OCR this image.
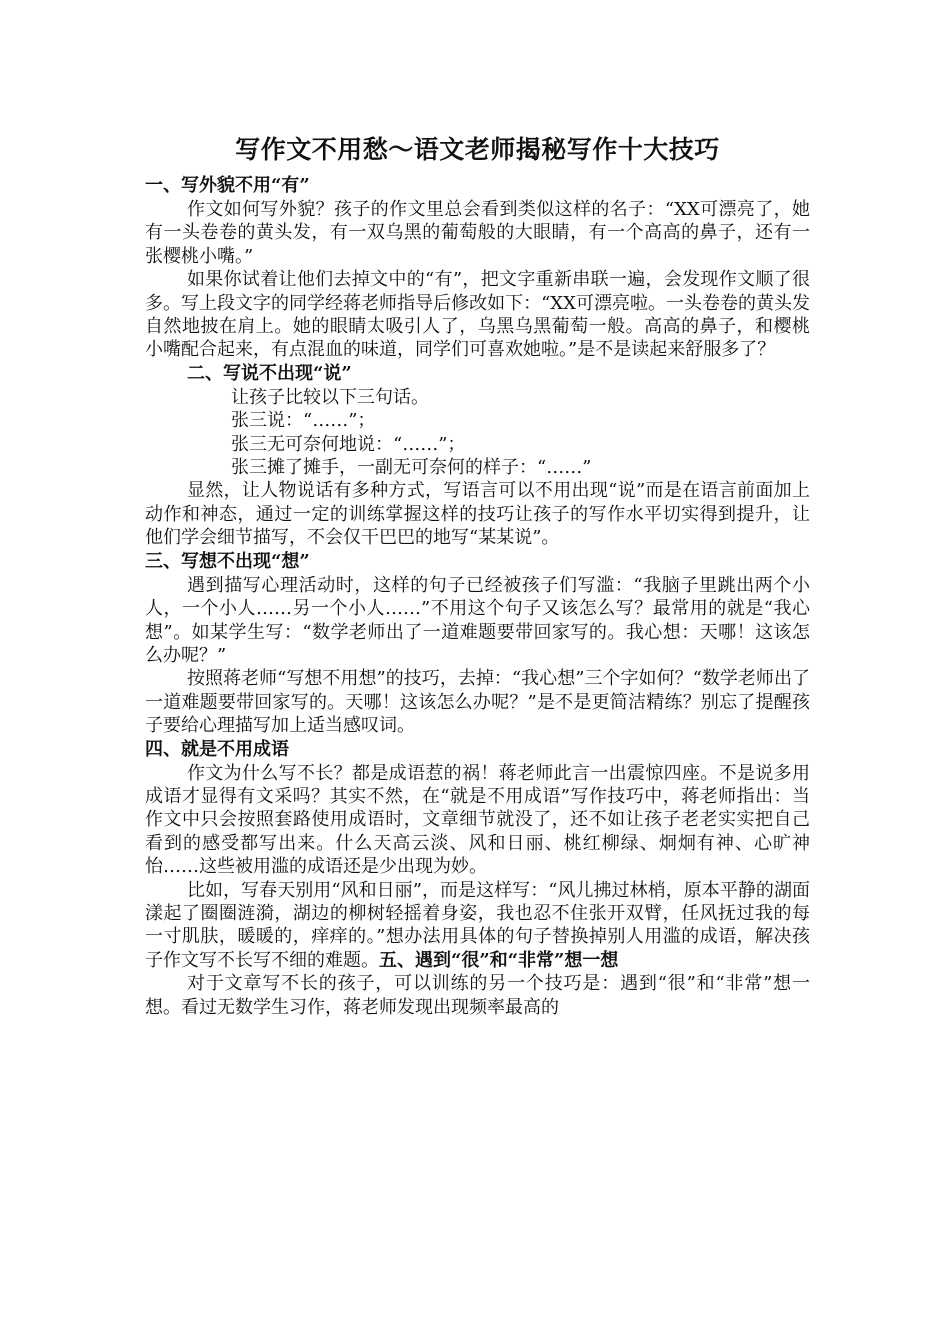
写作文不用愁～语文老师揭秘写作十大技巧
一、写外貌不用“有”

作文如何写外貌？孩子的作文里总会看到类似这样的名子：“XX可漂亮了，她有一头卷卷的黄头发，有一双乌黑的葡萄般的大眼睛，有一个高高的鼻子，还有一张樱桃小嘴。”

如果你试着让他们去掉文中的“有”，把文字重新串联一遍，会发现作文顺了很多。写上段文字的同学经蒋老师指导后修改如下：“XX可漂亮啦。一头卷卷的黄头发自然地披在肩上。她的眼睛太吸引人了，乌黑乌黑葡萄一般。高高的鼻子，和樱桃小嘴配合起来，有点混血的味道，同学们可喜欢她啦。”是不是读起来舒服多了？

二、写说不出现“说”

让孩子比较以下三句话。

张三说：“……”；

张三无可奈何地说：“……”；

张三摊了摊手，一副无可奈何的样子：“……”

显然，让人物说话有多种方式，写语言可以不用出现“说”而是在语言前面加上动作和神态，通过一定的训练掌握这样的技巧让孩子的写作水平切实得到提升，让他们学会细节描写，不会仅干巴巴的地写“某某说”。

三、写想不出现“想”

遇到描写心理活动时，这样的句子已经被孩子们写滥：“我脑子里跳出两个小人，一个小人……另一个小人……”不用这个句子又该怎么写？最常用的就是“我心想”。如某学生写：“数学老师出了一道难题要带回家写的。我心想：天哪！这该怎么办呢？”

按照蒋老师“写想不用想”的技巧，去掉：“我心想”三个字如何？“数学老师出了一道难题要带回家写的。天哪！这该怎么办呢？”是不是更简洁精练？别忘了提醒孩子要给心理描写加上适当感叹词。

四、就是不用成语

作文为什么写不长？都是成语惹的祸！蒋老师此言一出震惊四座。不是说多用成语才显得有文采吗？其实不然，在“就是不用成语”写作技巧中，蒋老师指出：当作文中只会按照套路使用成语时，文章细节就没了，还不如让孩子老老实实把自己看到的感受都写出来。什么天高云淡、风和日丽、桃红柳绿、炯炯有神、心旷神怡……这些被用滥的成语还是少出现为妙。

比如，写春天别用“风和日丽”，而是这样写：“风儿拂过林梢，原本平静的湖面漾起了圈圈涟漪，湖边的柳树轻摇着身姿，我也忍不住张开双臂，任风抚过我的每一寸肌肤，暖暖的，痒痒的。”想办法用具体的句子替换掉别人用滥的成语，解决孩子作文写不长写不细的难题。五、遇到“很”和“非常”想一想

对于文章写不长的孩子，可以训练的另一个技巧是：遇到“很”和“非常”想一想。看过无数学生习作，蒋老师发现出现频率最高的
